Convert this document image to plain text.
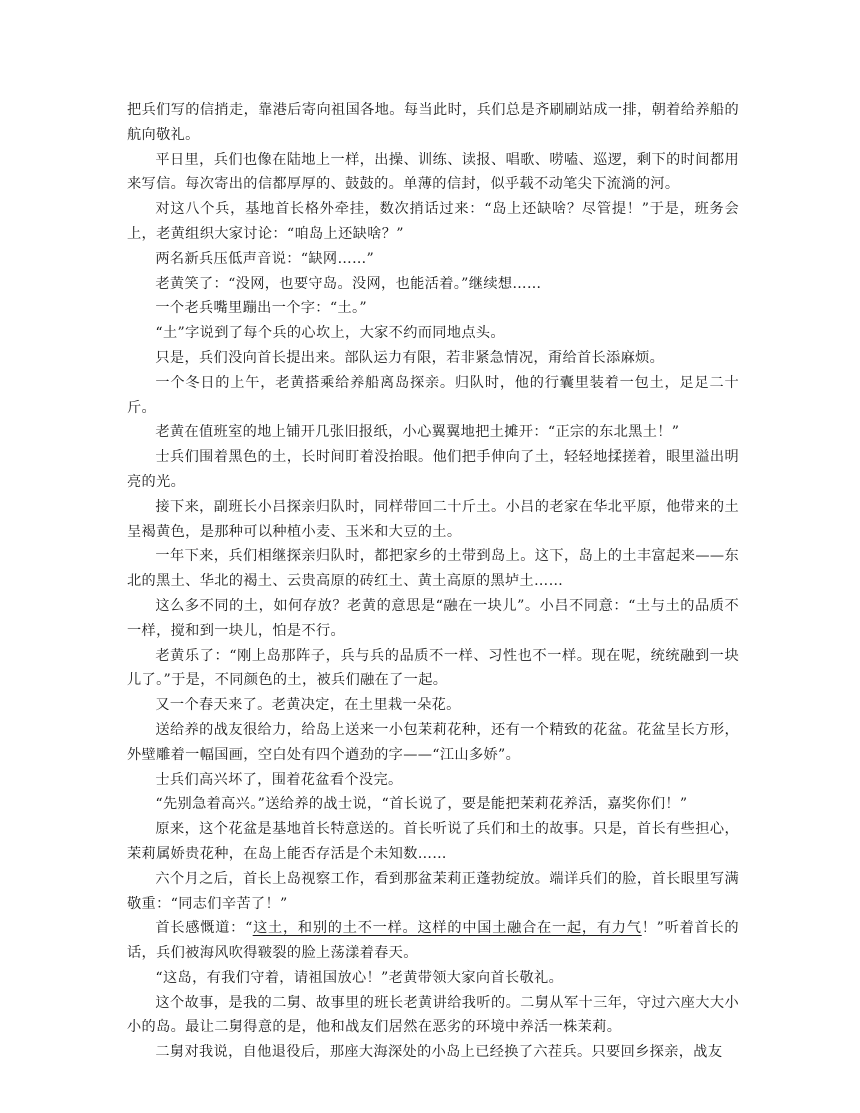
把兵们写的信捎走，靠港后寄向祖国各地。每当此时，兵们总是齐刷刷站成一排，朝着给养船的航向敬礼。

平日里，兵们也像在陆地上一样，出操、训练、读报、唱歌、唠嗑、巡逻，剩下的时间都用来写信。每次寄出的信都厚厚的、鼓鼓的。单薄的信封，似乎载不动笔尖下流淌的河。

对这八个兵，基地首长格外牵挂，数次捎话过来：“岛上还缺啥？尽管提！”于是，班务会上，老黄组织大家讨论：“咱岛上还缺啥？”

两名新兵压低声音说：“缺网……”

老黄笑了：“没网，也要守岛。没网，也能活着。”继续想……

一个老兵嘴里蹦出一个字：“土。”

“土”字说到了每个兵的心坎上，大家不约而同地点头。

只是，兵们没向首长提出来。部队运力有限，若非紧急情况，甭给首长添麻烦。

一个冬日的上午，老黄搭乘给养船离岛探亲。归队时，他的行囊里装着一包土，足足二十斤。

老黄在值班室的地上铺开几张旧报纸，小心翼翼地把土摊开：“正宗的东北黑土！”

士兵们围着黑色的土，长时间盯着没抬眼。他们把手伸向了土，轻轻地揉搓着，眼里溢出明亮的光。

接下来，副班长小吕探亲归队时，同样带回二十斤土。小吕的老家在华北平原，他带来的土呈褐黄色，是那种可以种植小麦、玉米和大豆的土。

一年下来，兵们相继探亲归队时，都把家乡的土带到岛上。这下，岛上的土丰富起来——东北的黑土、华北的褐土、云贵高原的砖红土、黄土高原的黑垆土……

这么多不同的土，如何存放？老黄的意思是“融在一块儿”。小吕不同意：“土与土的品质不一样，搅和到一块儿，怕是不行。

老黄乐了：“刚上岛那阵子，兵与兵的品质不一样、习性也不一样。现在呢，统统融到一块儿了。”于是，不同颜色的土，被兵们融在了一起。

又一个春天来了。老黄决定，在土里栽一朵花。

送给养的战友很给力，给岛上送来一小包茉莉花种，还有一个精致的花盆。花盆呈长方形，外壁雕着一幅国画，空白处有四个遒劲的字——“江山多娇”。

士兵们高兴坏了，围着花盆看个没完。

“先别急着高兴。”送给养的战士说，“首长说了，要是能把茉莉花养活，嘉奖你们！”

原来，这个花盆是基地首长特意送的。首长听说了兵们和土的故事。只是，首长有些担心，茉莉属娇贵花种，在岛上能否存活是个未知数……

六个月之后，首长上岛视察工作，看到那盆茉莉正蓬勃绽放。端详兵们的脸，首长眼里写满敬重：“同志们辛苦了！”

首长感慨道：“这土，和别的土不一样。这样的中国土融合在一起，有力气！”听着首长的话，兵们被海风吹得皲裂的脸上荡漾着春天。

“这岛，有我们守着，请祖国放心！”老黄带领大家向首长敬礼。

这个故事，是我的二舅、故事里的班长老黄讲给我听的。二舅从军十三年，守过六座大大小小的岛。最让二舅得意的是，他和战友们居然在恶劣的环境中养活一株茉莉。

二舅对我说，自他退役后，那座大海深处的小岛上已经换了六茬兵。只要回乡探亲，战友
